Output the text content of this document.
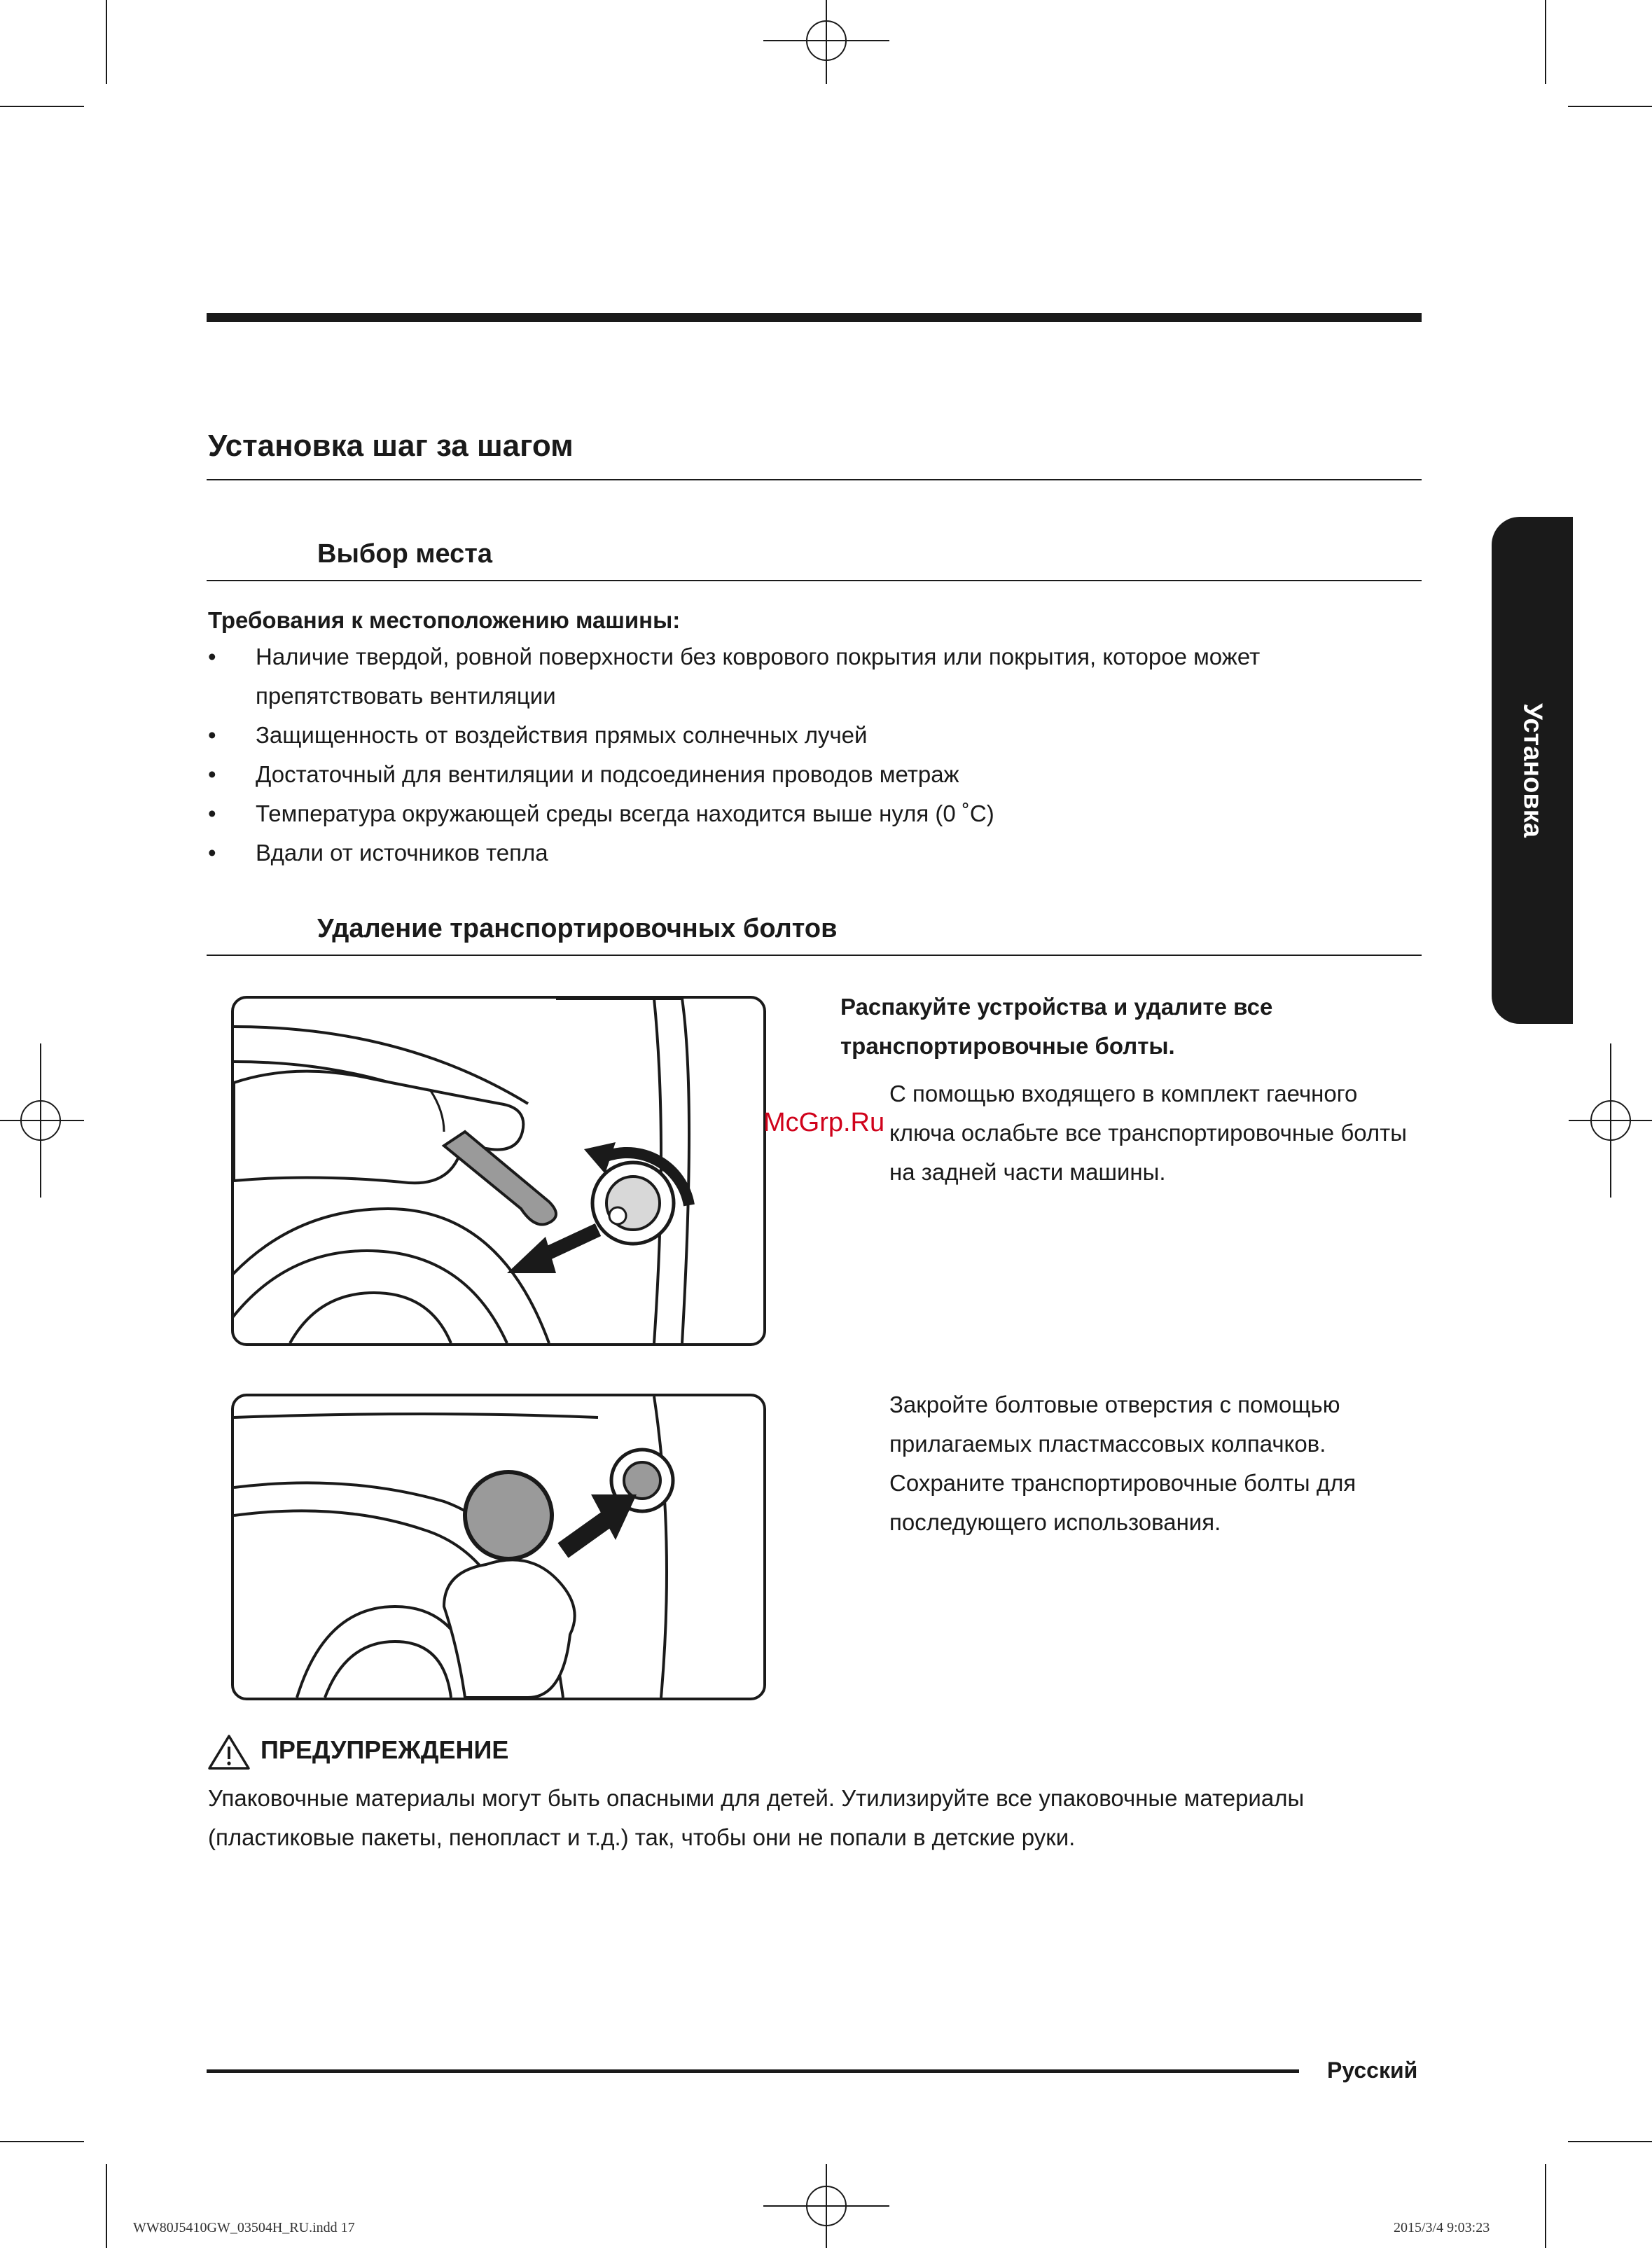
Установка шаг за шагом
Выбор места
Требования к местоположению машины:
• Наличие твердой, ровной поверхности без коврового покрытия или покрытия, которое может препятствовать вентиляции
• Защищенность от воздействия прямых солнечных лучей
• Достаточный для вентиляции и подсоединения проводов метраж
• Температура окружающей среды всегда находится выше нуля (0 ˚C)
• Вдали от источников тепла
Удаление транспортировочных болтов
Распакуйте устройства и удалите все транспортировочные болты.
С помощью входящего в комплект гаечного ключа ослабьте все транспортировочные болты на задней части машины.
McGrp.Ru
Закройте болтовые отверстия с помощью прилагаемых пластмассовых колпачков. Сохраните транспортировочные болты для последующего использования.
ПРЕДУПРЕЖДЕНИЕ
Упаковочные материалы могут быть опасными для детей. Утилизируйте все упаковочные материалы (пластиковые пакеты, пенопласт и т.д.) так, чтобы они не попали в детские руки.
Русский
WW80J5410GW_03504H_RU.indd 17	2015/3/4 9:03:23
Установка
